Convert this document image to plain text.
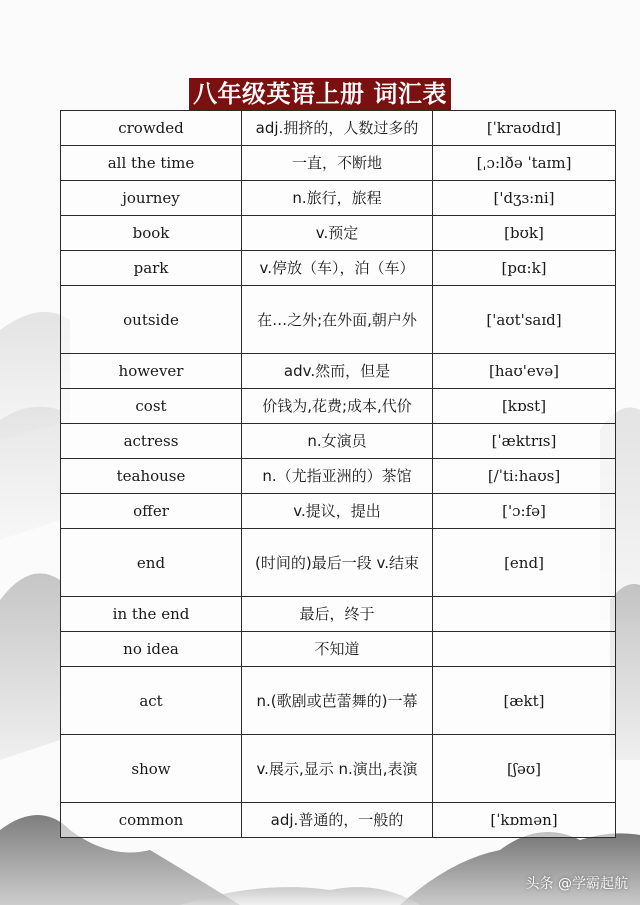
八年级英语上册 词汇表
crowded	adj.拥挤的，人数过多的	[ˈkraʊdɪd]
all the time	一直，不断地	[ˌɔ:lðə ˈtaɪm]
journey	n.旅行，旅程	['dʒɜ:ni]
book	v.预定	[bʊk]
park	v.停放（车），泊（车）	[pɑ:k]
outside	在…之外;在外面,朝户外	['aʊt'saɪd]
however	adv.然而，但是	[haʊ'evə]
cost	价钱为,花费;成本,代价	[kɒst]
actress	n.女演员	[ˈæktrɪs]
teahouse	n.（尤指亚洲的）茶馆	[/ˈti:haʊs]
offer	v.提议，提出	['ɔ:fə]
end	(时间的)最后一段 v.结束	[end]
in the end	最后，终于	
no idea	不知道	
act	n.(歌剧或芭蕾舞的)一幕	[ækt]
show	v.展示,显示 n.演出,表演	[ʃəʊ]
common	adj.普通的，一般的	[ˈkɒmən]
头条 @学霸起航
